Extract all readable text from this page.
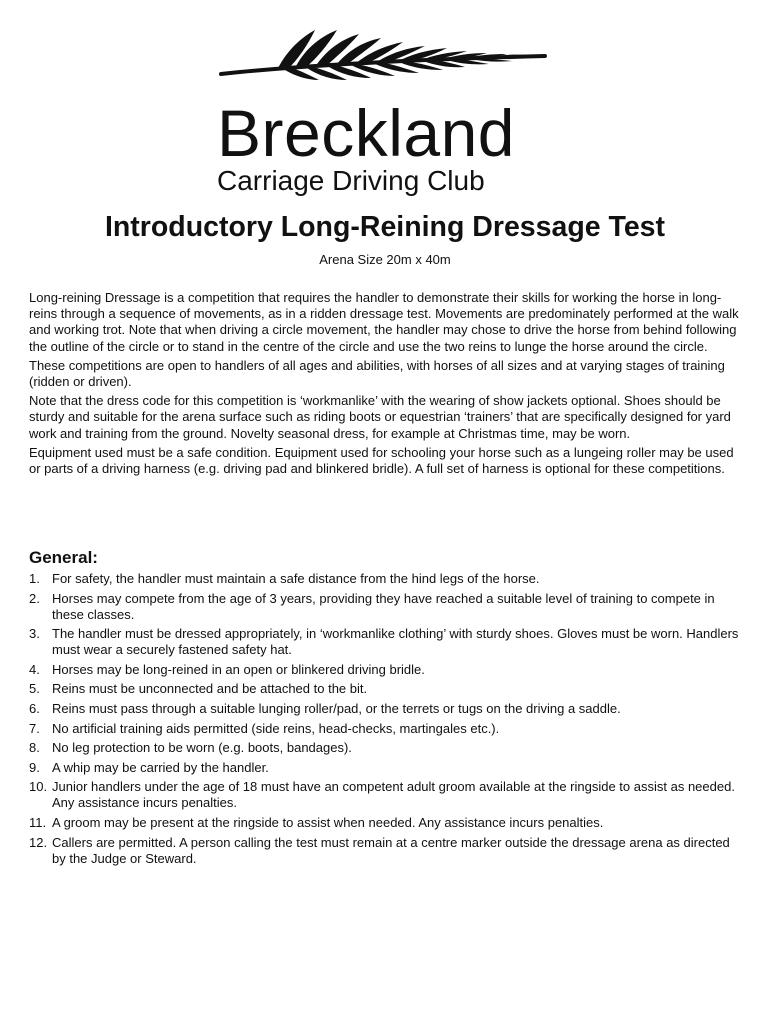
Breckland
Carriage Driving Club
Introductory Long-Reining Dressage Test
Arena Size 20m x 40m

Long-reining Dressage is a competition that requires the handler to demonstrate their skills for working the horse in long-reins through a sequence of movements, as in a ridden dressage test. Movements are predominately performed at the walk and working trot. Note that when driving a circle movement, the handler may chose to drive the horse from behind following the outline of the circle or to stand in the centre of the circle and use the two reins to lunge the horse around the circle.

These competitions are open to handlers of all ages and abilities, with horses of all sizes and at varying stages of training (ridden or driven).

Note that the dress code for this competition is ‘workmanlike’ with the wearing of show jackets optional. Shoes should be sturdy and suitable for the arena surface such as riding boots or equestrian ‘trainers’ that are specifically designed for yard work and training from the ground. Novelty seasonal dress, for example at Christmas time, may be worn.

Equipment used must be a safe condition. Equipment used for schooling your horse such as a lungeing roller may be used or parts of a driving harness (e.g. driving pad and blinkered bridle). A full set of harness is optional for these competitions.

General:
1. For safety, the handler must maintain a safe distance from the hind legs of the horse.
2. Horses may compete from the age of 3 years, providing they have reached a suitable level of training to compete in these classes.
3. The handler must be dressed appropriately, in ‘workmanlike clothing’ with sturdy shoes. Gloves must be worn. Handlers must wear a securely fastened safety hat.
4. Horses may be long-reined in an open or blinkered driving bridle.
5. Reins must be unconnected and be attached to the bit.
6. Reins must pass through a suitable lunging roller/pad, or the terrets or tugs on the driving a saddle.
7. No artificial training aids permitted (side reins, head-checks, martingales etc.).
8. No leg protection to be worn (e.g. boots, bandages).
9. A whip may be carried by the handler.
10. Junior handlers under the age of 18 must have an competent adult groom available at the ringside to assist as needed. Any assistance incurs penalties.
11. A groom may be present at the ringside to assist when needed. Any assistance incurs penalties.
12. Callers are permitted. A person calling the test must remain at a centre marker outside the dressage arena as directed by the Judge or Steward.
